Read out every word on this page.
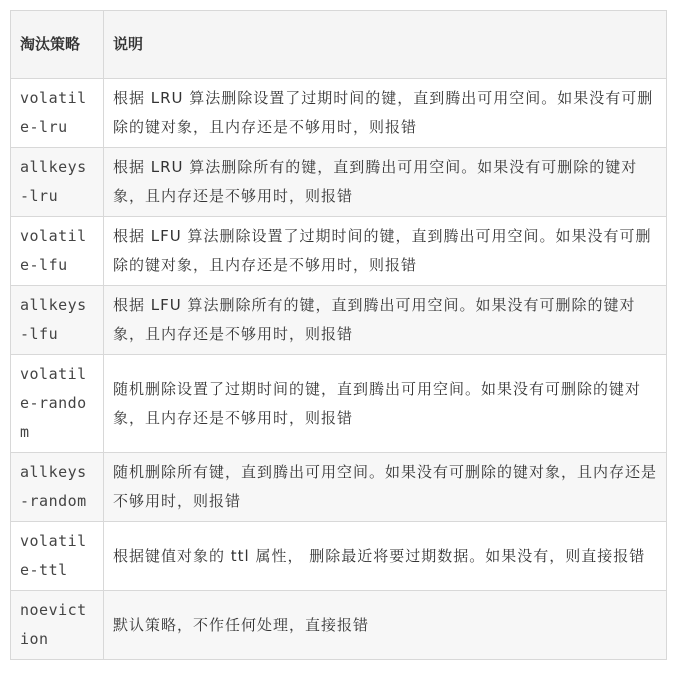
淘汰策略	说明
volatile-lru	根据 LRU 算法删除设置了过期时间的键，直到腾出可用空间。如果没有可删除的键对象，且内存还是不够用时，则报错
allkeys-lru	根据 LRU 算法删除所有的键，直到腾出可用空间。如果没有可删除的键对象，且内存还是不够用时，则报错
volatile-lfu	根据 LFU 算法删除设置了过期时间的键，直到腾出可用空间。如果没有可删除的键对象，且内存还是不够用时，则报错
allkeys-lfu	根据 LFU 算法删除所有的键，直到腾出可用空间。如果没有可删除的键对象，且内存还是不够用时，则报错
volatile-random	随机删除设置了过期时间的键，直到腾出可用空间。如果没有可删除的键对象，且内存还是不够用时，则报错
allkeys-random	随机删除所有键，直到腾出可用空间。如果没有可删除的键对象，且内存还是不够用时，则报错
volatile-ttl	根据键值对象的 ttl 属性， 删除最近将要过期数据。如果没有，则直接报错
noeviction	默认策略，不作任何处理，直接报错
